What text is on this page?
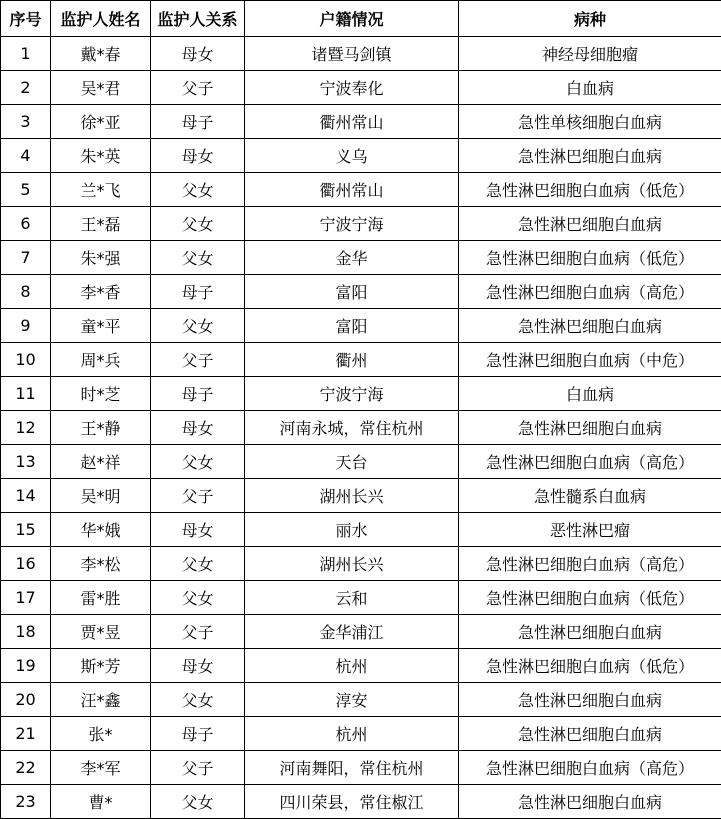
序号	监护人姓名	监护人关系	户籍情况	病种

1	戴*春	母女	诸暨马剑镇	神经母细胞瘤
2	吴*君	父子	宁波奉化	白血病
3	徐*亚	母子	衢州常山	急性单核细胞白血病
4	朱*英	母女	义乌	急性淋巴细胞白血病
5	兰*飞	父女	衢州常山	急性淋巴细胞白血病（低危）
6	王*磊	父女	宁波宁海	急性淋巴细胞白血病
7	朱*强	父女	金华	急性淋巴细胞白血病（低危）
8	李*香	母子	富阳	急性淋巴细胞白血病（高危）
9	童*平	父女	富阳	急性淋巴细胞白血病
10	周*兵	父子	衢州	急性淋巴细胞白血病（中危）
11	时*芝	母子	宁波宁海	白血病
12	王*静	母女	河南永城，常住杭州	急性淋巴细胞白血病
13	赵*祥	父女	天台	急性淋巴细胞白血病（高危）
14	吴*明	父子	湖州长兴	急性髓系白血病
15	华*娥	母女	丽水	恶性淋巴瘤
16	李*松	父女	湖州长兴	急性淋巴细胞白血病（高危）
17	雷*胜	父女	云和	急性淋巴细胞白血病（低危）
18	贾*昱	父子	金华浦江	急性淋巴细胞白血病
19	斯*芳	母女	杭州	急性淋巴细胞白血病（低危）
20	汪*鑫	父女	淳安	急性淋巴细胞白血病
21	张*	母子	杭州	急性淋巴细胞白血病
22	李*军	父子	河南舞阳，常住杭州	急性淋巴细胞白血病（高危）
23	曹*	父女	四川荣县，常住椒江	急性淋巴细胞白血病
